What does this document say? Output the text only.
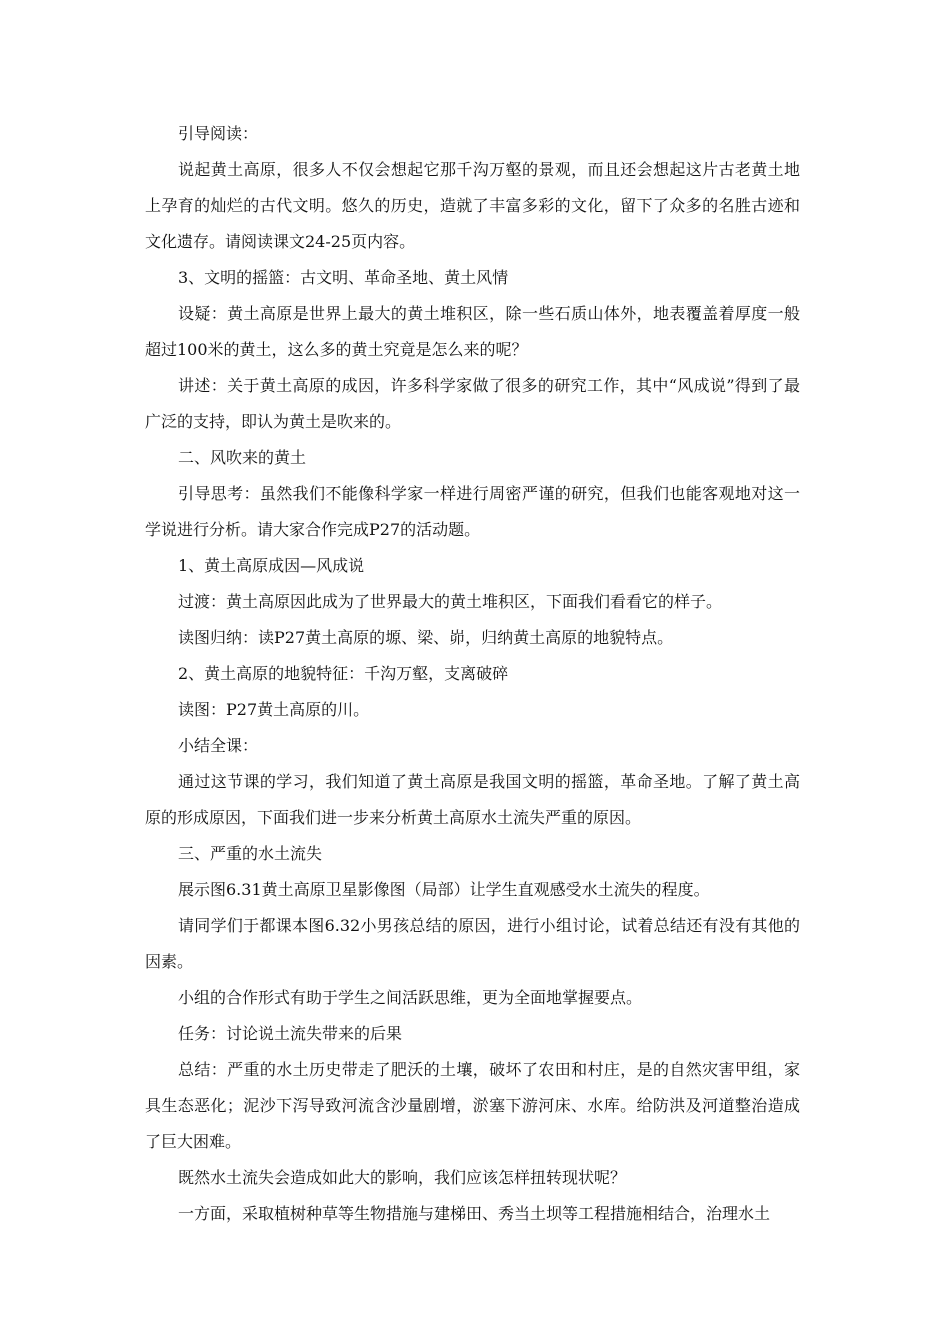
引导阅读：

说起黄土高原，很多人不仅会想起它那千沟万壑的景观，而且还会想起这片古老黄土地上孕育的灿烂的古代文明。悠久的历史，造就了丰富多彩的文化，留下了众多的名胜古迹和文化遗存。请阅读课文24-25页内容。

3、文明的摇篮：古文明、革命圣地、黄土风情

设疑：黄土高原是世界上最大的黄土堆积区，除一些石质山体外，地表覆盖着厚度一般超过100米的黄土，这么多的黄土究竟是怎么来的呢？

讲述：关于黄土高原的成因，许多科学家做了很多的研究工作，其中“风成说”得到了最广泛的支持，即认为黄土是吹来的。

二、风吹来的黄土

引导思考：虽然我们不能像科学家一样进行周密严谨的研究，但我们也能客观地对这一学说进行分析。请大家合作完成P27的活动题。

1、黄土高原成因—风成说

过渡：黄土高原因此成为了世界最大的黄土堆积区，下面我们看看它的样子。

读图归纳：读P27黄土高原的塬、梁、峁，归纳黄土高原的地貌特点。

2、黄土高原的地貌特征：千沟万壑，支离破碎

读图：P27黄土高原的川。

小结全课：

通过这节课的学习，我们知道了黄土高原是我国文明的摇篮，革命圣地。了解了黄土高原的形成原因，下面我们进一步来分析黄土高原水土流失严重的原因。

三、严重的水土流失

展示图6.31黄土高原卫星影像图（局部）让学生直观感受水土流失的程度。

请同学们于都课本图6.32小男孩总结的原因，进行小组讨论，试着总结还有没有其他的因素。

小组的合作形式有助于学生之间活跃思维，更为全面地掌握要点。

任务：讨论说土流失带来的后果

总结：严重的水土历史带走了肥沃的土壤，破坏了农田和村庄，是的自然灾害甲组，家具生态恶化；泥沙下泻导致河流含沙量剧增，淤塞下游河床、水库。给防洪及河道整治造成了巨大困难。

既然水土流失会造成如此大的影响，我们应该怎样扭转现状呢？

一方面，采取植树种草等生物措施与建梯田、秀当土坝等工程措施相结合，治理水土
